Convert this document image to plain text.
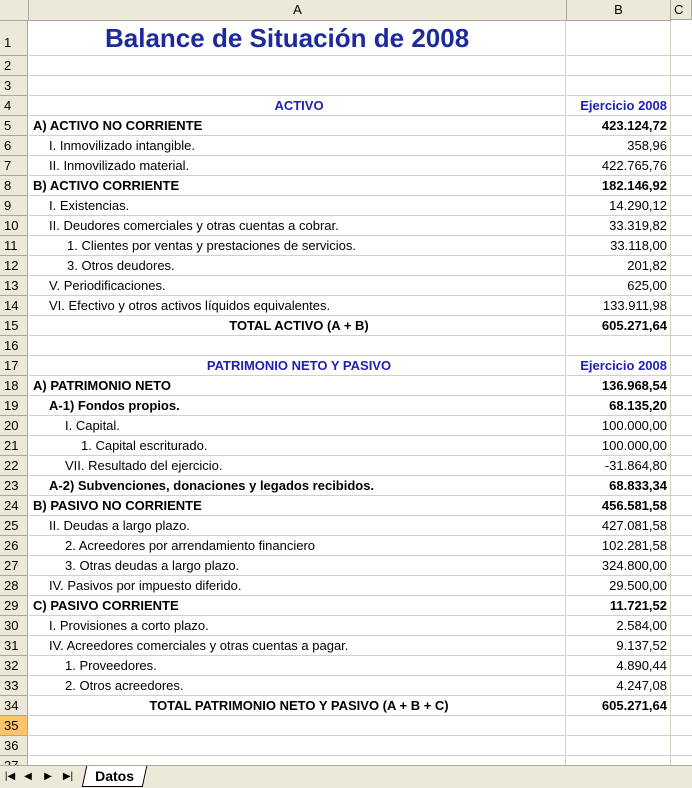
A	B	C
1	Balance de Situación de 2008
2
3
4	ACTIVO	Ejercicio 2008
5	A) ACTIVO NO CORRIENTE	423.124,72
6	I. Inmovilizado intangible.	358,96
7	II. Inmovilizado material.	422.765,76
8	B) ACTIVO CORRIENTE	182.146,92
9	I. Existencias.	14.290,12
10	II. Deudores comerciales y otras cuentas a cobrar.	33.319,82
11	1. Clientes por ventas y prestaciones de servicios.	33.118,00
12	3. Otros deudores.	201,82
13	V. Periodificaciones.	625,00
14	VI. Efectivo y otros activos líquidos equivalentes.	133.911,98
15	TOTAL ACTIVO (A + B)	605.271,64
16
17	PATRIMONIO NETO Y PASIVO	Ejercicio 2008
18	A) PATRIMONIO NETO	136.968,54
19	A-1) Fondos propios.	68.135,20
20	I. Capital.	100.000,00
21	1. Capital escriturado.	100.000,00
22	VII. Resultado del ejercicio.	-31.864,80
23	A-2) Subvenciones, donaciones y legados recibidos.	68.833,34
24	B) PASIVO NO CORRIENTE	456.581,58
25	II. Deudas a largo plazo.	427.081,58
26	2. Acreedores por arrendamiento financiero	102.281,58
27	3. Otras deudas a largo plazo.	324.800,00
28	IV. Pasivos por impuesto diferido.	29.500,00
29	C) PASIVO CORRIENTE	11.721,52
30	I. Provisiones a corto plazo.	2.584,00
31	IV. Acreedores comerciales y otras cuentas a pagar.	9.137,52
32	1. Proveedores.	4.890,44
33	2. Otros acreedores.	4.247,08
34	TOTAL PATRIMONIO NETO Y PASIVO (A + B + C)	605.271,64
35
36
|◀ ◀	▶	▶|	Datos
